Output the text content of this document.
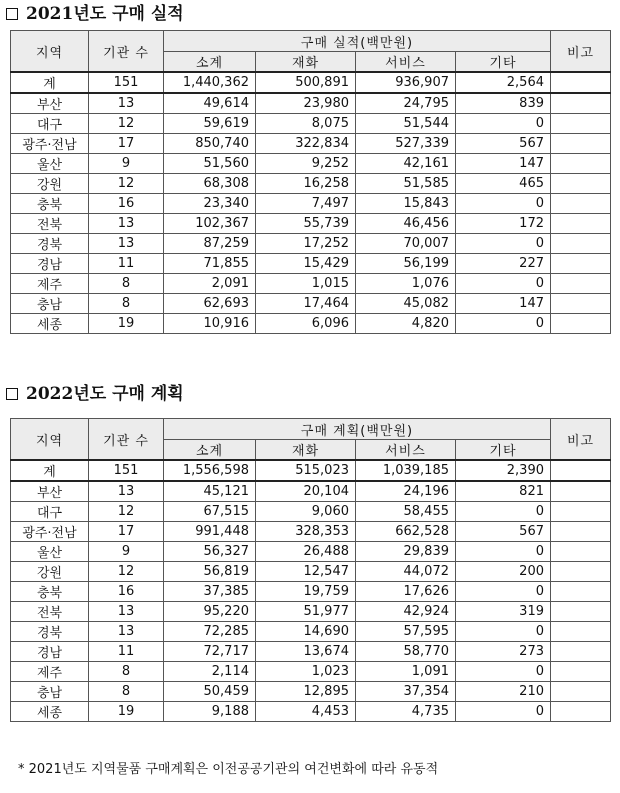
2021년도 구매 실적
지역	기관 수	구매 실적(백만원)				비고
		소계	재화	서비스	기타	
계	151	1,440,362	500,891	936,907	2,564	
부산	13	49,614	23,980	24,795	839	
대구	12	59,619	8,075	51,544	0	
광주·전남	17	850,740	322,834	527,339	567	
울산	9	51,560	9,252	42,161	147	
강원	12	68,308	16,258	51,585	465	
충북	16	23,340	7,497	15,843	0	
전북	13	102,367	55,739	46,456	172	
경북	13	87,259	17,252	70,007	0	
경남	11	71,855	15,429	56,199	227	
제주	8	2,091	1,015	1,076	0	
충남	8	62,693	17,464	45,082	147	
세종	19	10,916	6,096	4,820	0	
2022년도 구매 계획
지역	기관 수	구매 계획(백만원)				비고
		소계	재화	서비스	기타	
계	151	1,556,598	515,023	1,039,185	2,390	
부산	13	45,121	20,104	24,196	821	
대구	12	67,515	9,060	58,455	0	
광주·전남	17	991,448	328,353	662,528	567	
울산	9	56,327	26,488	29,839	0	
강원	12	56,819	12,547	44,072	200	
충북	16	37,385	19,759	17,626	0	
전북	13	95,220	51,977	42,924	319	
경북	13	72,285	14,690	57,595	0	
경남	11	72,717	13,674	58,770	273	
제주	8	2,114	1,023	1,091	0	
충남	8	50,459	12,895	37,354	210	
세종	19	9,188	4,453	4,735	0	
* 2021년도 지역물품 구매계획은 이전공공기관의 여건변화에 따라 유동적
